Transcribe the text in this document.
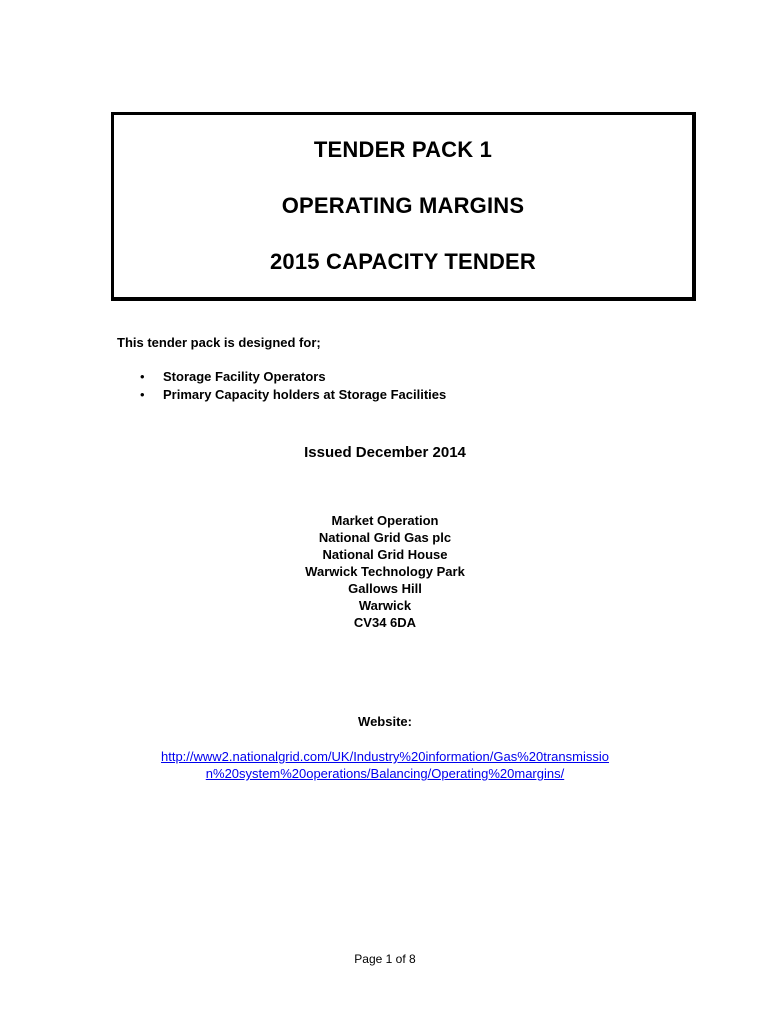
TENDER PACK 1
OPERATING MARGINS
2015 CAPACITY TENDER
This tender pack is designed for;
• Storage Facility Operators
• Primary Capacity holders at Storage Facilities
Issued December 2014
Market Operation
National Grid Gas plc
National Grid House
Warwick Technology Park
Gallows Hill
Warwick
CV34 6DA
Website:
http://www2.nationalgrid.com/UK/Industry%20information/Gas%20transmissio
n%20system%20operations/Balancing/Operating%20margins/
Page 1 of 8
